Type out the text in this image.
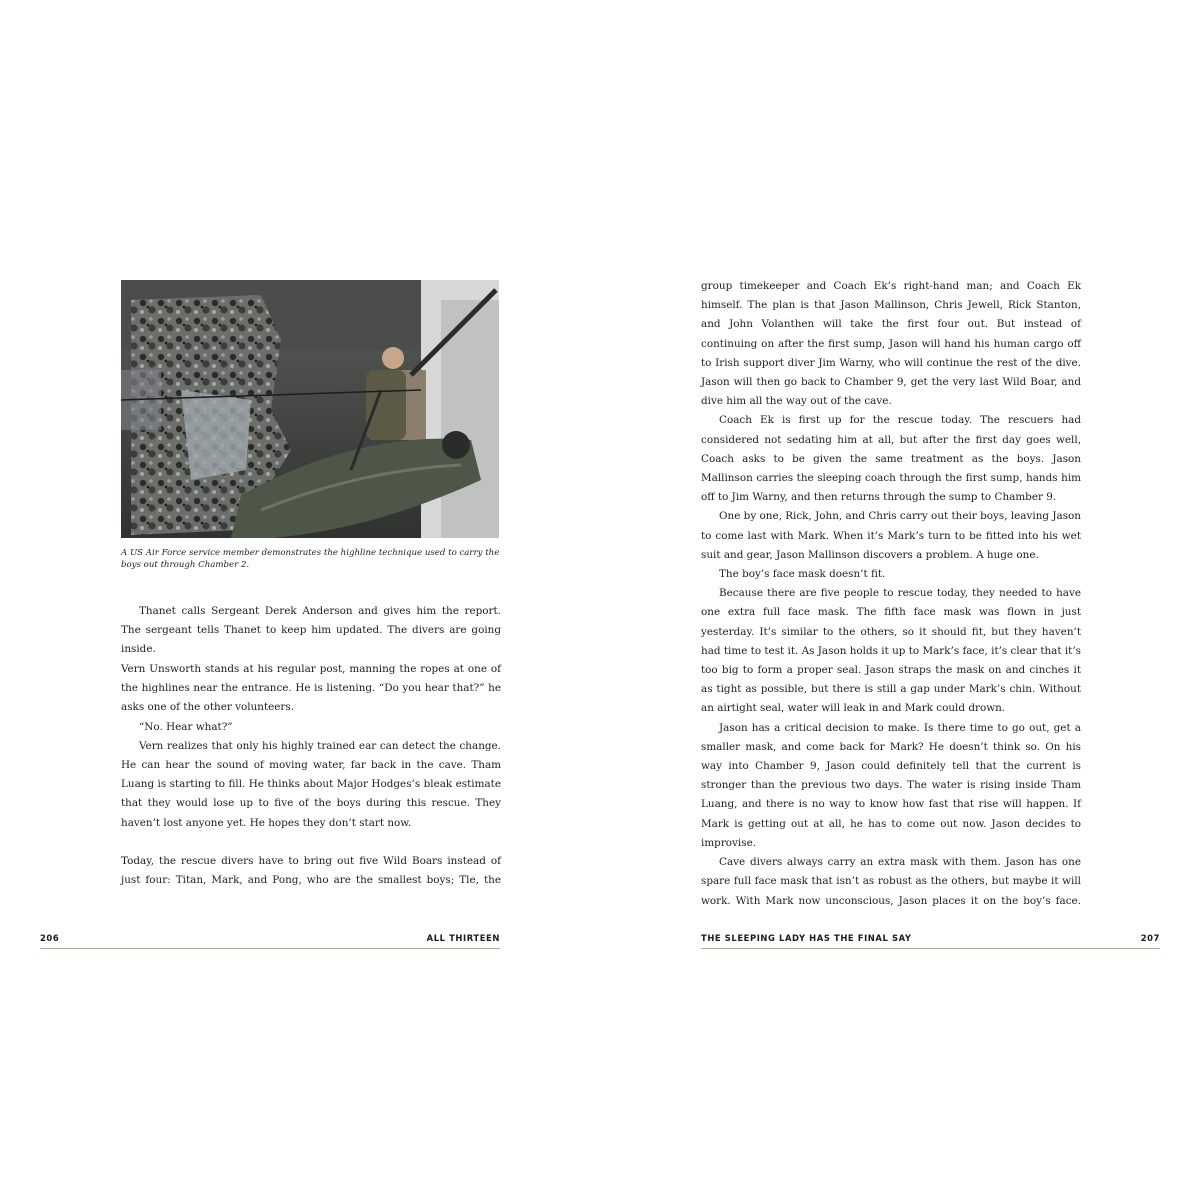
A US Air Force service member demonstrates the highline technique used to carry the boys out through Chamber 2.

Thanet calls Sergeant Derek Anderson and gives him the report. The sergeant tells Thanet to keep him updated. The divers are going inside.

Vern Unsworth stands at his regular post, manning the ropes at one of the highlines near the entrance. He is listening. “Do you hear that?” he asks one of the other volunteers.

“No. Hear what?”

Vern realizes that only his highly trained ear can detect the change. He can hear the sound of moving water, far back in the cave. Tham Luang is starting to fill. He thinks about Major Hodges’s bleak estimate that they would lose up to five of the boys during this rescue. They haven’t lost anyone yet. He hopes they don’t start now.

Today, the rescue divers have to bring out five Wild Boars instead of just four: Titan, Mark, and Pong, who are the smallest boys; Tle, the

206	ALL THIRTEEN

group timekeeper and Coach Ek’s right-hand man; and Coach Ek himself. The plan is that Jason Mallinson, Chris Jewell, Rick Stanton, and John Volanthen will take the first four out. But instead of continuing on after the first sump, Jason will hand his human cargo off to Irish support diver Jim Warny, who will continue the rest of the dive. Jason will then go back to Chamber 9, get the very last Wild Boar, and dive him all the way out of the cave.

Coach Ek is first up for the rescue today. The rescuers had considered not sedating him at all, but after the first day goes well, Coach asks to be given the same treatment as the boys. Jason Mallinson carries the sleeping coach through the first sump, hands him off to Jim Warny, and then returns through the sump to Chamber 9.

One by one, Rick, John, and Chris carry out their boys, leaving Jason to come last with Mark. When it’s Mark’s turn to be fitted into his wet suit and gear, Jason Mallinson discovers a problem. A huge one.

The boy’s face mask doesn’t fit.

Because there are five people to rescue today, they needed to have one extra full face mask. The fifth face mask was flown in just yesterday. It’s similar to the others, so it should fit, but they haven’t had time to test it. As Jason holds it up to Mark’s face, it’s clear that it’s too big to form a proper seal. Jason straps the mask on and cinches it as tight as possible, but there is still a gap under Mark’s chin. Without an airtight seal, water will leak in and Mark could drown.

Jason has a critical decision to make. Is there time to go out, get a smaller mask, and come back for Mark? He doesn’t think so. On his way into Chamber 9, Jason could definitely tell that the current is stronger than the previous two days. The water is rising inside Tham Luang, and there is no way to know how fast that rise will happen. If Mark is getting out at all, he has to come out now. Jason decides to improvise.

Cave divers always carry an extra mask with them. Jason has one spare full face mask that isn’t as robust as the others, but maybe it will work. With Mark now unconscious, Jason places it on the boy’s face.

THE SLEEPING LADY HAS THE FINAL SAY	207
